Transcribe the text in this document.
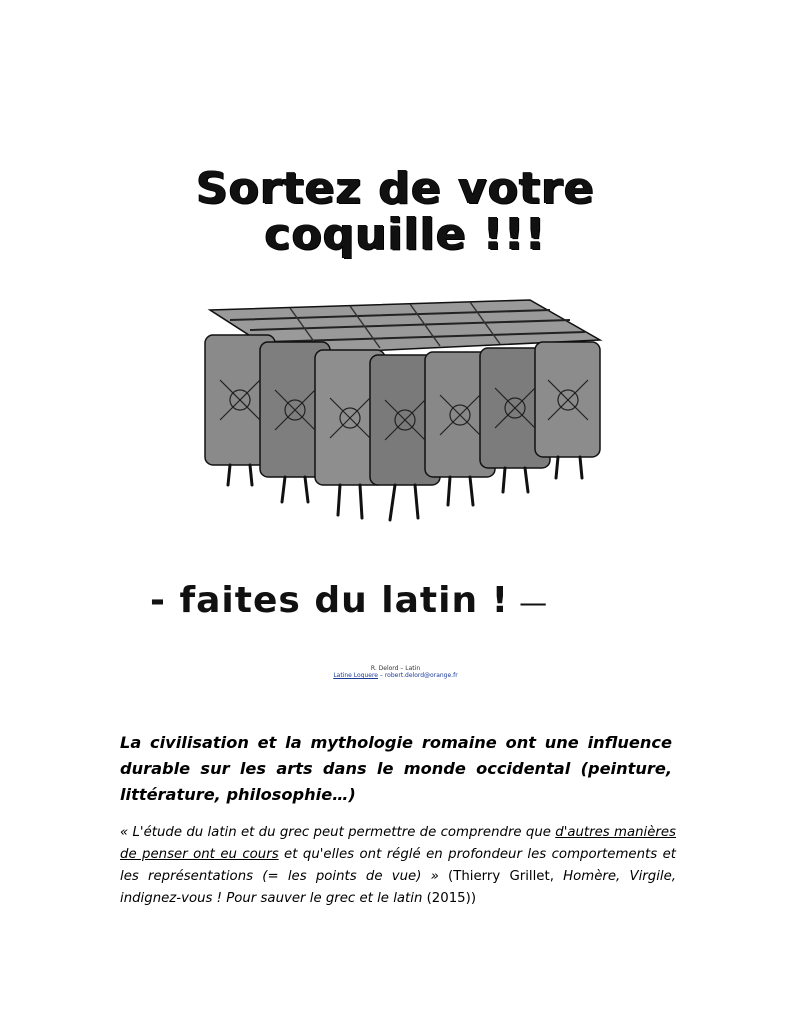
Sortez de votre
coquille !!!
- faites du latin ! —
R. Delord – Latin
Latine Loquere – robert.delord@orange.fr
La civilisation et la mythologie romaine ont une influence durable sur les arts dans le monde occidental (peinture, littérature, philosophie…)
« L'étude du latin et du grec peut permettre de comprendre que d'autres manières de penser ont eu cours et qu'elles ont réglé en profondeur les comportements et les représentations (= les points de vue) » (Thierry Grillet, Homère, Virgile, indignez-vous ! Pour sauver le grec et le latin (2015))
